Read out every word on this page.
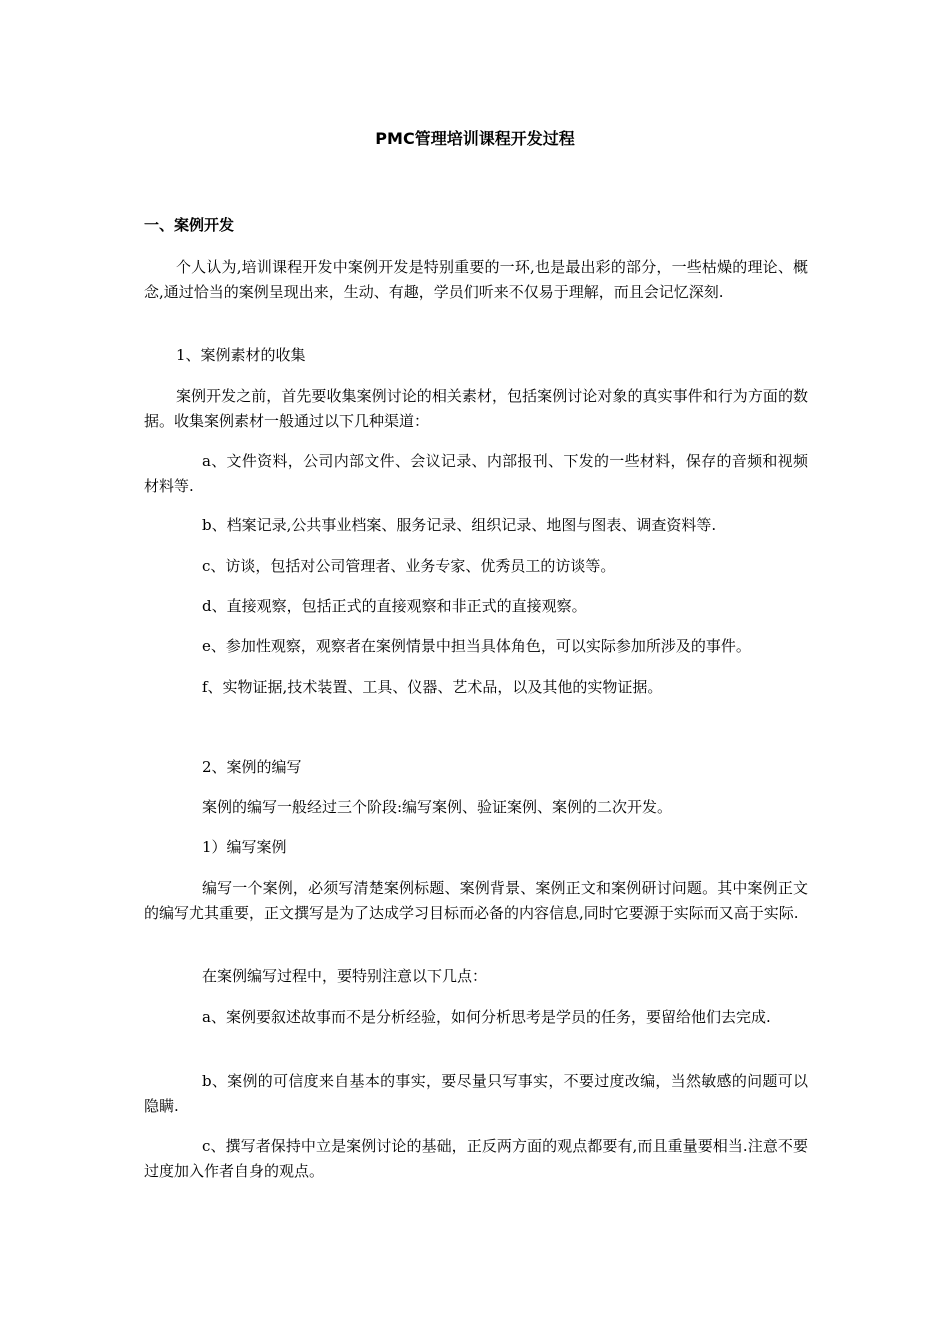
PMC管理培训课程开发过程
一、案例开发

个人认为,培训课程开发中案例开发是特别重要的一环,也是最出彩的部分，一些枯燥的理论、概念,通过恰当的案例呈现出来，生动、有趣，学员们听来不仅易于理解，而且会记忆深刻.

1、案例素材的收集

案例开发之前，首先要收集案例讨论的相关素材，包括案例讨论对象的真实事件和行为方面的数据。收集案例素材一般通过以下几种渠道：

a、文件资料，公司内部文件、会议记录、内部报刊、下发的一些材料，保存的音频和视频材料等.

b、档案记录,公共事业档案、服务记录、组织记录、地图与图表、调查资料等.

c、访谈，包括对公司管理者、业务专家、优秀员工的访谈等。

d、直接观察，包括正式的直接观察和非正式的直接观察。

e、参加性观察，观察者在案例情景中担当具体角色，可以实际参加所涉及的事件。

f、实物证据,技术装置、工具、仪器、艺术品，以及其他的实物证据。

2、案例的编写

案例的编写一般经过三个阶段:编写案例、验证案例、案例的二次开发。

1）编写案例

编写一个案例，必须写清楚案例标题、案例背景、案例正文和案例研讨问题。其中案例正文的编写尤其重要，正文撰写是为了达成学习目标而必备的内容信息,同时它要源于实际而又高于实际.

在案例编写过程中，要特别注意以下几点：

a、案例要叙述故事而不是分析经验，如何分析思考是学员的任务，要留给他们去完成.

b、案例的可信度来自基本的事实，要尽量只写事实，不要过度改编，当然敏感的问题可以隐瞒.

c、撰写者保持中立是案例讨论的基础，正反两方面的观点都要有,而且重量要相当.注意不要过度加入作者自身的观点。
